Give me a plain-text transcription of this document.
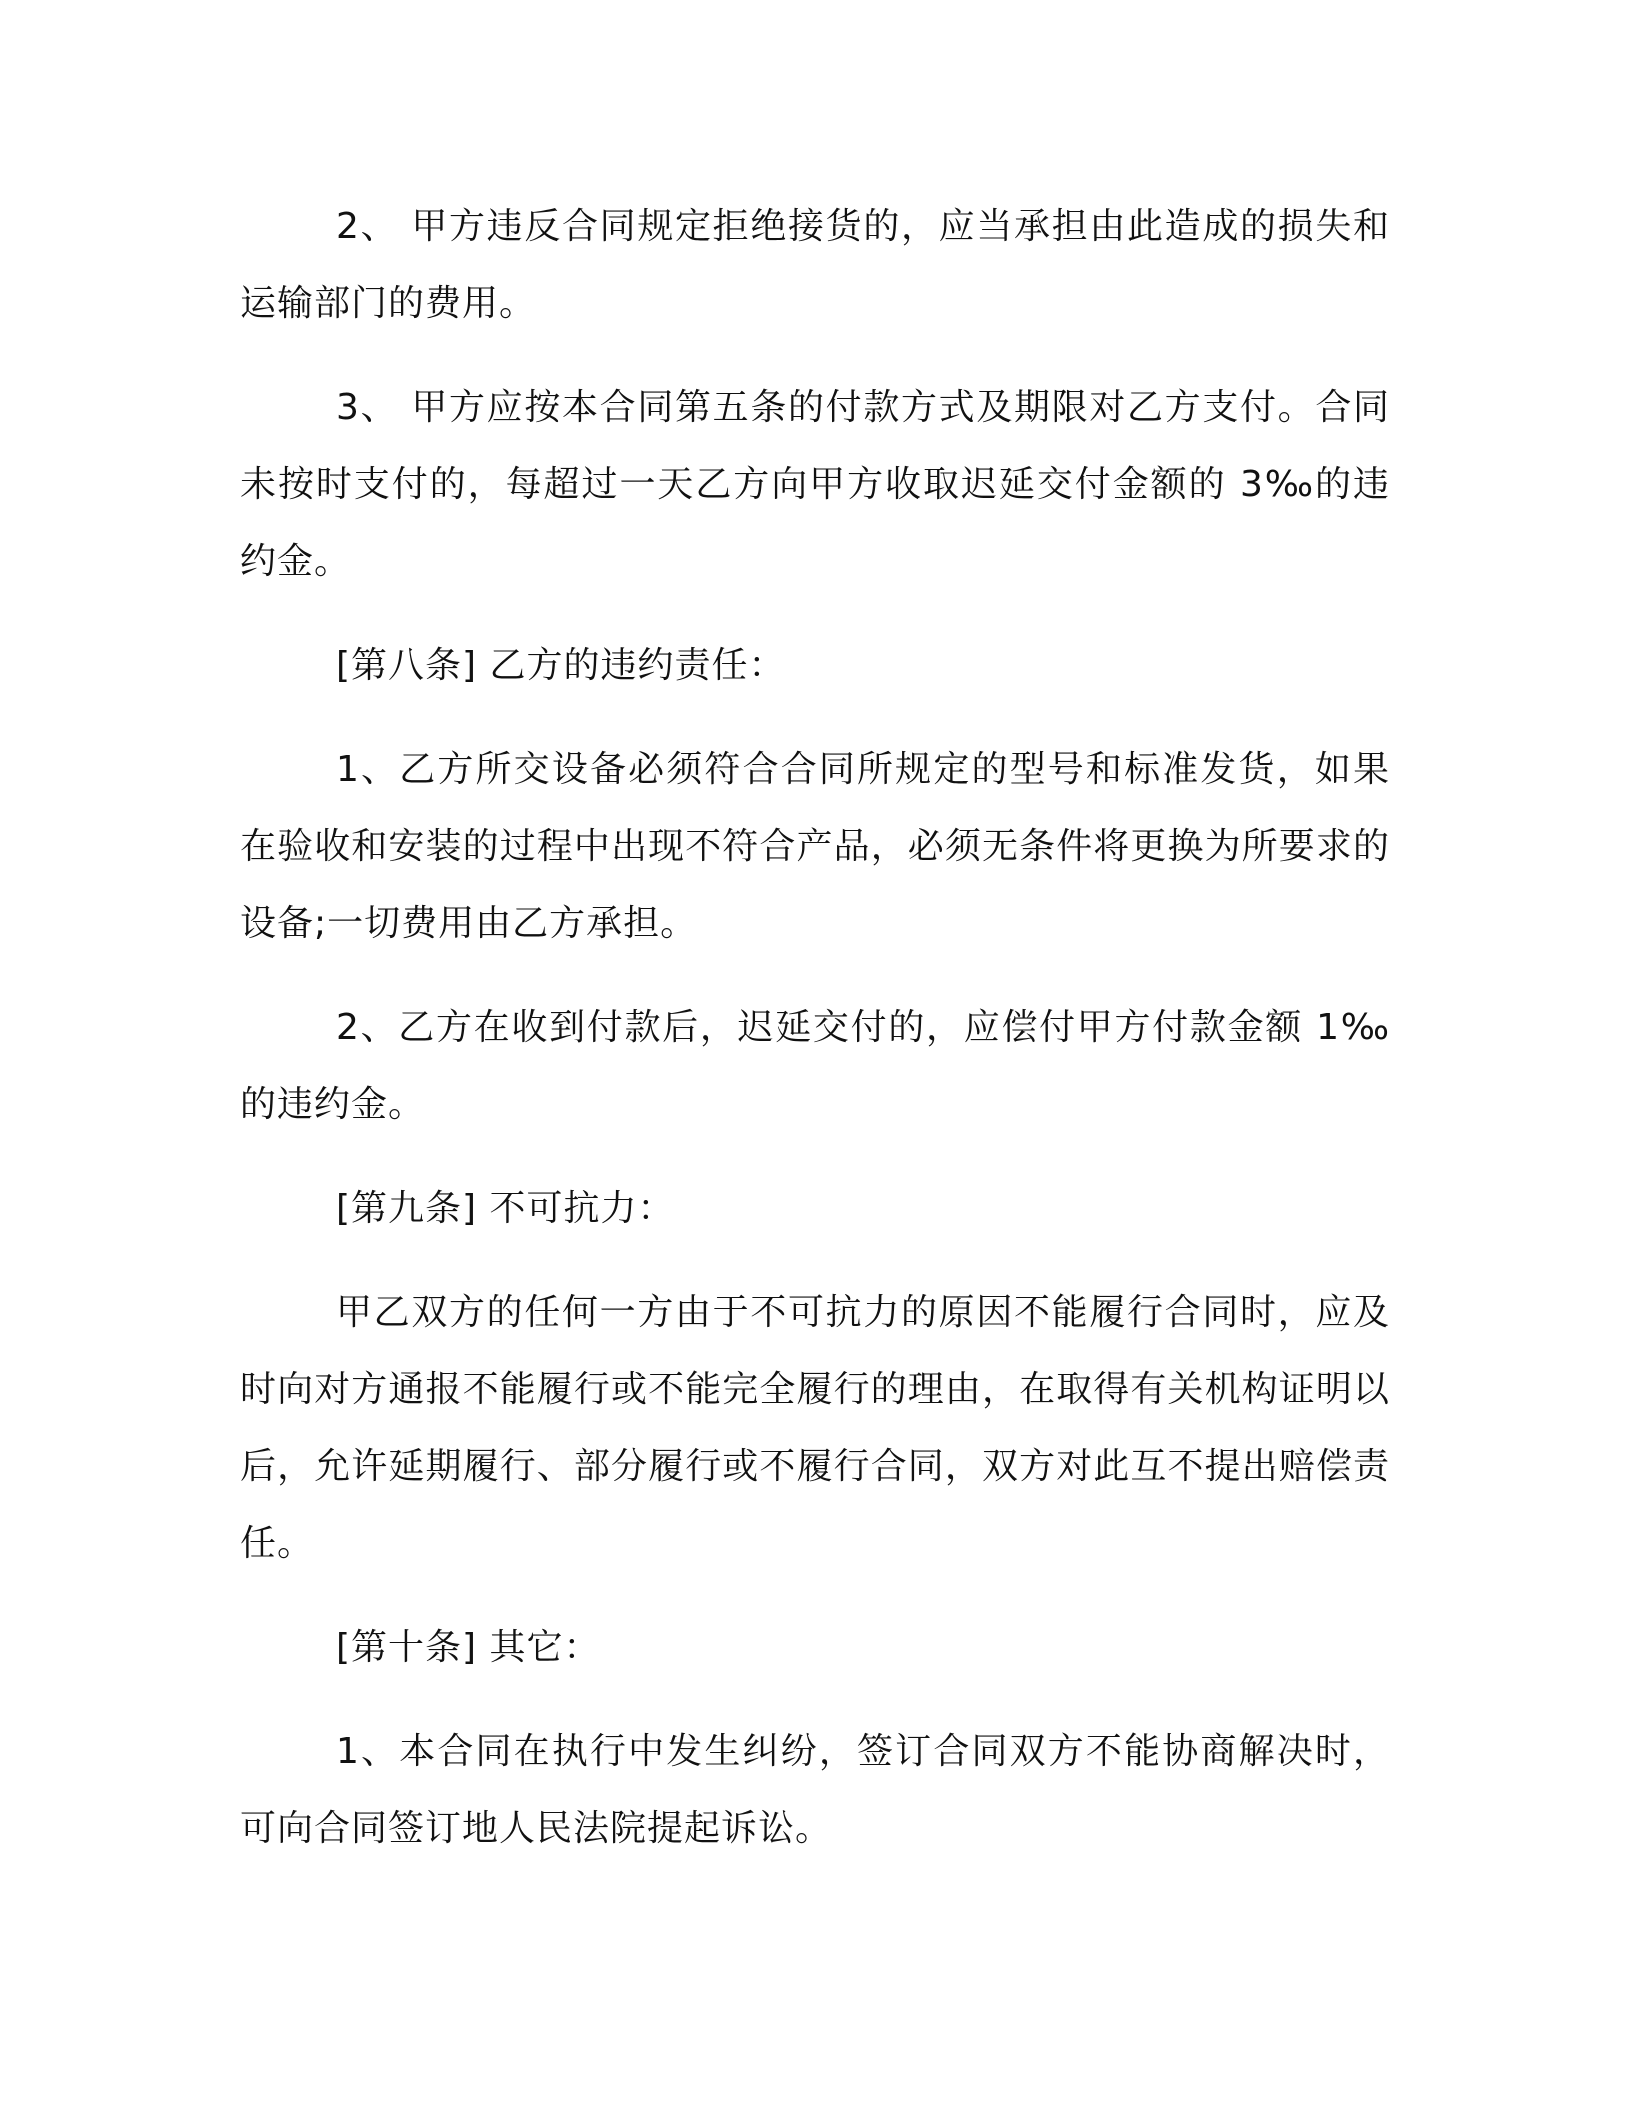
2、 甲方违反合同规定拒绝接货的，应当承担由此造成的损失和运输部门的费用。

3、 甲方应按本合同第五条的付款方式及期限对乙方支付。合同未按时支付的，每超过一天乙方向甲方收取迟延交付金额的 3‰的违约金。

[第八条] 乙方的违约责任：

1、乙方所交设备必须符合合同所规定的型号和标准发货，如果在验收和安装的过程中出现不符合产品，必须无条件将更换为所要求的设备;一切费用由乙方承担。

2、乙方在收到付款后，迟延交付的，应偿付甲方付款金额 1‰的违约金。

[第九条] 不可抗力：

甲乙双方的任何一方由于不可抗力的原因不能履行合同时，应及时向对方通报不能履行或不能完全履行的理由，在取得有关机构证明以后，允许延期履行、部分履行或不履行合同，双方对此互不提出赔偿责任。

[第十条] 其它：

1、本合同在执行中发生纠纷，签订合同双方不能协商解决时，可向合同签订地人民法院提起诉讼。
